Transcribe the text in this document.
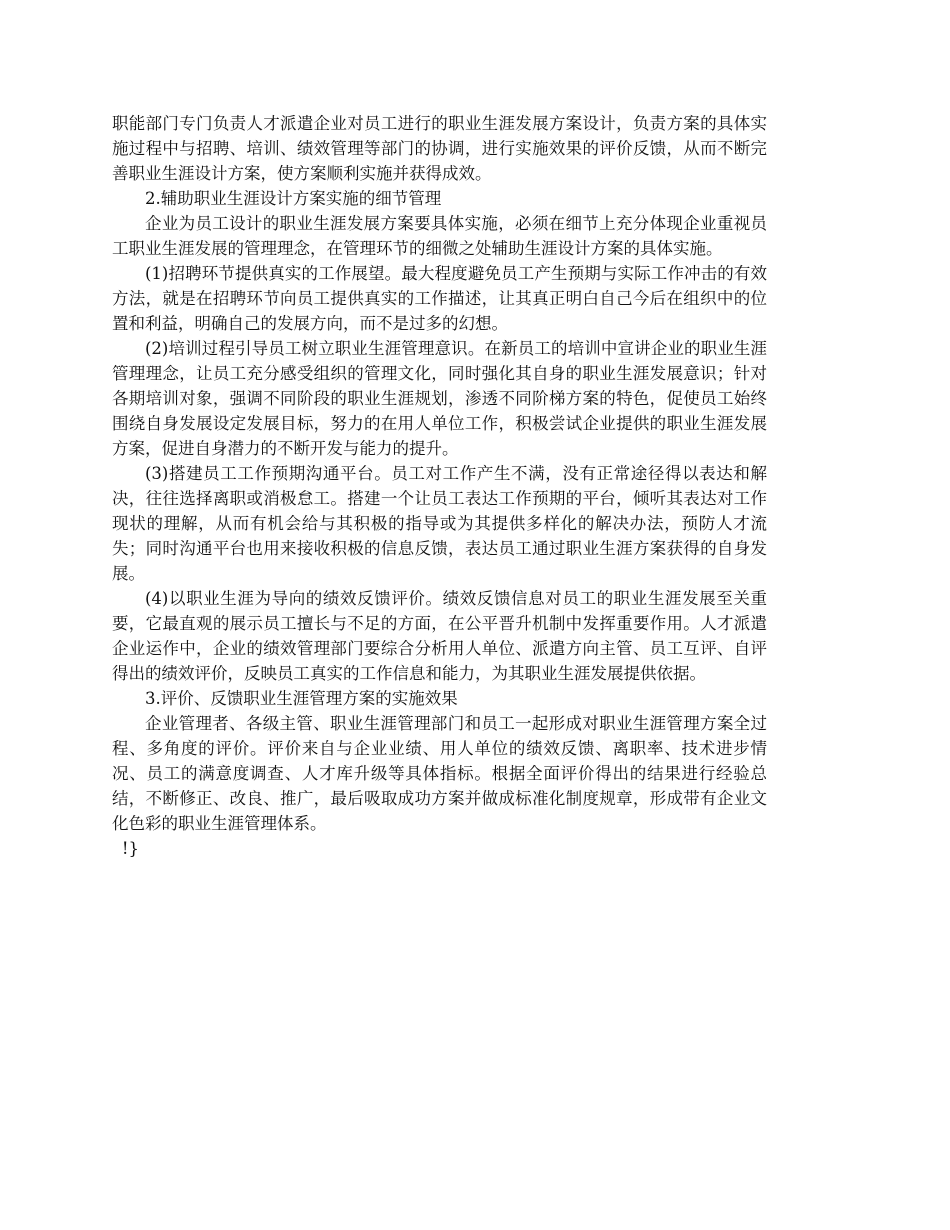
职能部门专门负责人才派遣企业对员工进行的职业生涯发展方案设计，负责方案的具体实施过程中与招聘、培训、绩效管理等部门的协调，进行实施效果的评价反馈，从而不断完善职业生涯设计方案，使方案顺利实施并获得成效。

2.辅助职业生涯设计方案实施的细节管理

企业为员工设计的职业生涯发展方案要具体实施，必须在细节上充分体现企业重视员工职业生涯发展的管理理念，在管理环节的细微之处辅助生涯设计方案的具体实施。

(1)招聘环节提供真实的工作展望。最大程度避免员工产生预期与实际工作冲击的有效方法，就是在招聘环节向员工提供真实的工作描述，让其真正明白自己今后在组织中的位置和利益，明确自己的发展方向，而不是过多的幻想。

(2)培训过程引导员工树立职业生涯管理意识。在新员工的培训中宣讲企业的职业生涯管理理念，让员工充分感受组织的管理文化，同时强化其自身的职业生涯发展意识；针对各期培训对象，强调不同阶段的职业生涯规划，渗透不同阶梯方案的特色，促使员工始终围绕自身发展设定发展目标，努力的在用人单位工作，积极尝试企业提供的职业生涯发展方案，促进自身潜力的不断开发与能力的提升。

(3)搭建员工工作预期沟通平台。员工对工作产生不满，没有正常途径得以表达和解决，往往选择离职或消极怠工。搭建一个让员工表达工作预期的平台，倾听其表达对工作现状的理解，从而有机会给与其积极的指导或为其提供多样化的解决办法，预防人才流失；同时沟通平台也用来接收积极的信息反馈，表达员工通过职业生涯方案获得的自身发展。

(4)以职业生涯为导向的绩效反馈评价。绩效反馈信息对员工的职业生涯发展至关重要，它最直观的展示员工擅长与不足的方面，在公平晋升机制中发挥重要作用。人才派遣企业运作中，企业的绩效管理部门要综合分析用人单位、派遣方向主管、员工互评、自评得出的绩效评价，反映员工真实的工作信息和能力，为其职业生涯发展提供依据。

3.评价、反馈职业生涯管理方案的实施效果

企业管理者、各级主管、职业生涯管理部门和员工一起形成对职业生涯管理方案全过程、多角度的评价。评价来自与企业业绩、用人单位的绩效反馈、离职率、技术进步情况、员工的满意度调查、人才库升级等具体指标。根据全面评价得出的结果进行经验总结，不断修正、改良、推广，最后吸取成功方案并做成标准化制度规章，形成带有企业文化色彩的职业生涯管理体系。

!}
